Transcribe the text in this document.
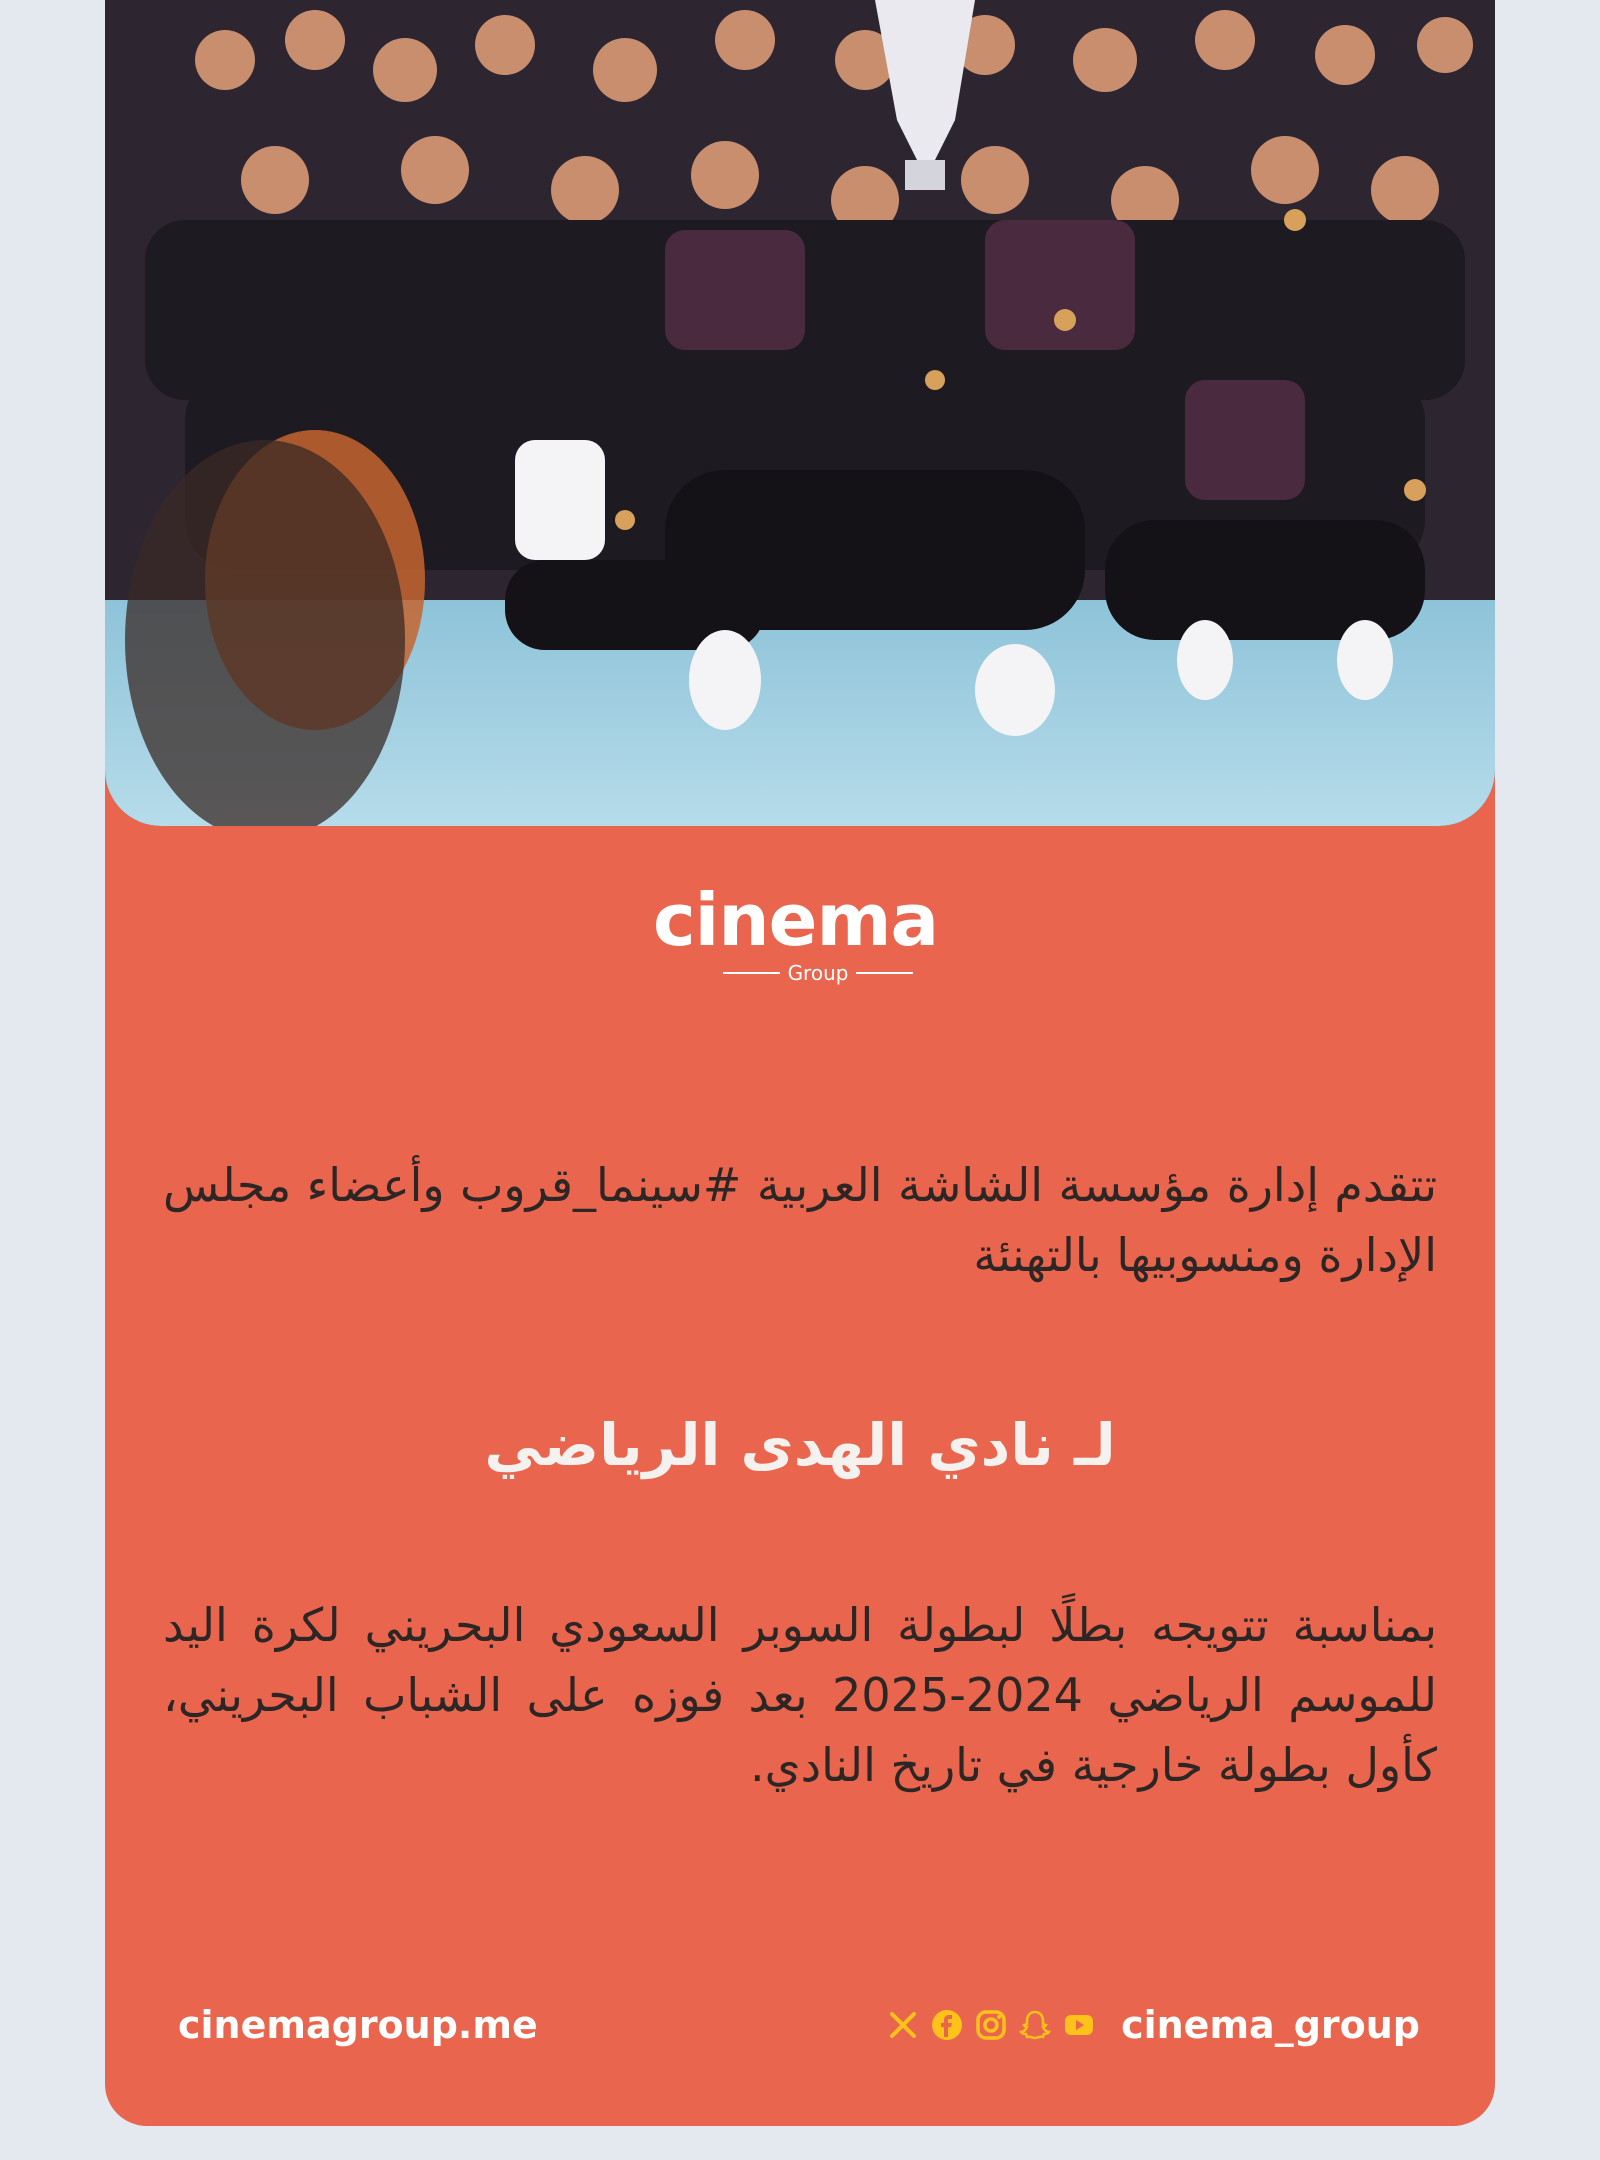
cinema
Group
تتقدم إدارة مؤسسة الشاشة العربية #سينما_قروب وأعضاء مجلس الإدارة ومنسوبيها بالتهنئة
لـ نادي الهدى الرياضي
بمناسبة تتويجه بطلًا لبطولة السوبر السعودي البحريني لكرة اليد للموسم الرياضي 2024-2025 بعد فوزه على الشباب البحريني، كأول بطولة خارجية في تاريخ النادي.
cinemagroup.me	cinema_group
